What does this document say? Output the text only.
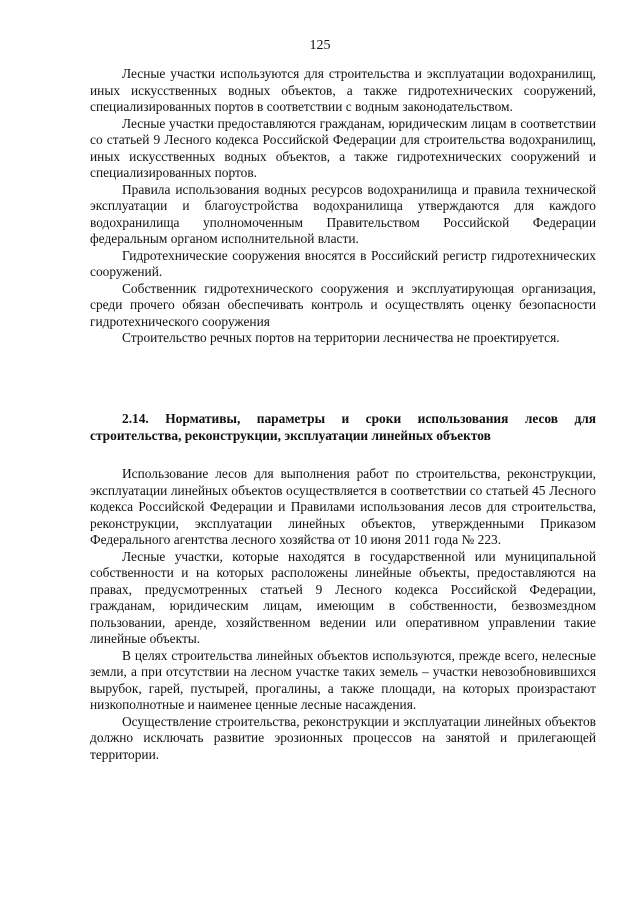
125

Лесные участки используются для строительства и эксплуатации водохранилищ, иных искусственных водных объектов, а также гидротехнических сооружений, специализированных портов в соответствии с водным законодательством.

Лесные участки предоставляются гражданам, юридическим лицам в соответствии со статьей 9 Лесного кодекса Российской Федерации для строительства водохранилищ, иных искусственных водных объектов, а также гидротехнических сооружений и специализированных портов.

Правила использования водных ресурсов водохранилища и правила технической эксплуатации и благоустройства водохранилища утверждаются для каждого водохранилища уполномоченным Правительством Российской Федерации федеральным органом исполнительной власти.

Гидротехнические сооружения вносятся в Российский регистр гидротехнических сооружений.

Собственник гидротехнического сооружения и эксплуатирующая организация, среди прочего обязан обеспечивать контроль и осуществлять оценку безопасности гидротехнического сооружения

Строительство речных портов на территории лесничества не проектируется.

2.14. Нормативы, параметры и сроки использования лесов для строительства, реконструкции, эксплуатации линейных объектов

Использование лесов для выполнения работ по строительства, реконструкции, эксплуатации линейных объектов осуществляется в соответствии со статьей 45 Лесного кодекса Российской Федерации и Правилами использования лесов для строительства, реконструкции, эксплуатации линейных объектов, утвержденными Приказом Федерального агентства лесного хозяйства от 10 июня 2011 года № 223.

Лесные участки, которые находятся в государственной или муниципальной собственности и на которых расположены линейные объекты, предоставляются на правах, предусмотренных статьей 9 Лесного кодекса Российской Федерации, гражданам, юридическим лицам, имеющим в собственности, безвозмездном пользовании, аренде, хозяйственном ведении или оперативном управлении такие линейные объекты.

В целях строительства линейных объектов используются, прежде всего, нелесные земли, а при отсутствии на лесном участке таких земель – участки невозобновившихся вырубок, гарей, пустырей, прогалины, а также площади, на которых произрастают низкополнотные и наименее ценные лесные насаждения.

Осуществление строительства, реконструкции и эксплуатации линейных объектов должно исключать развитие эрозионных процессов на занятой и прилегающей территории.
